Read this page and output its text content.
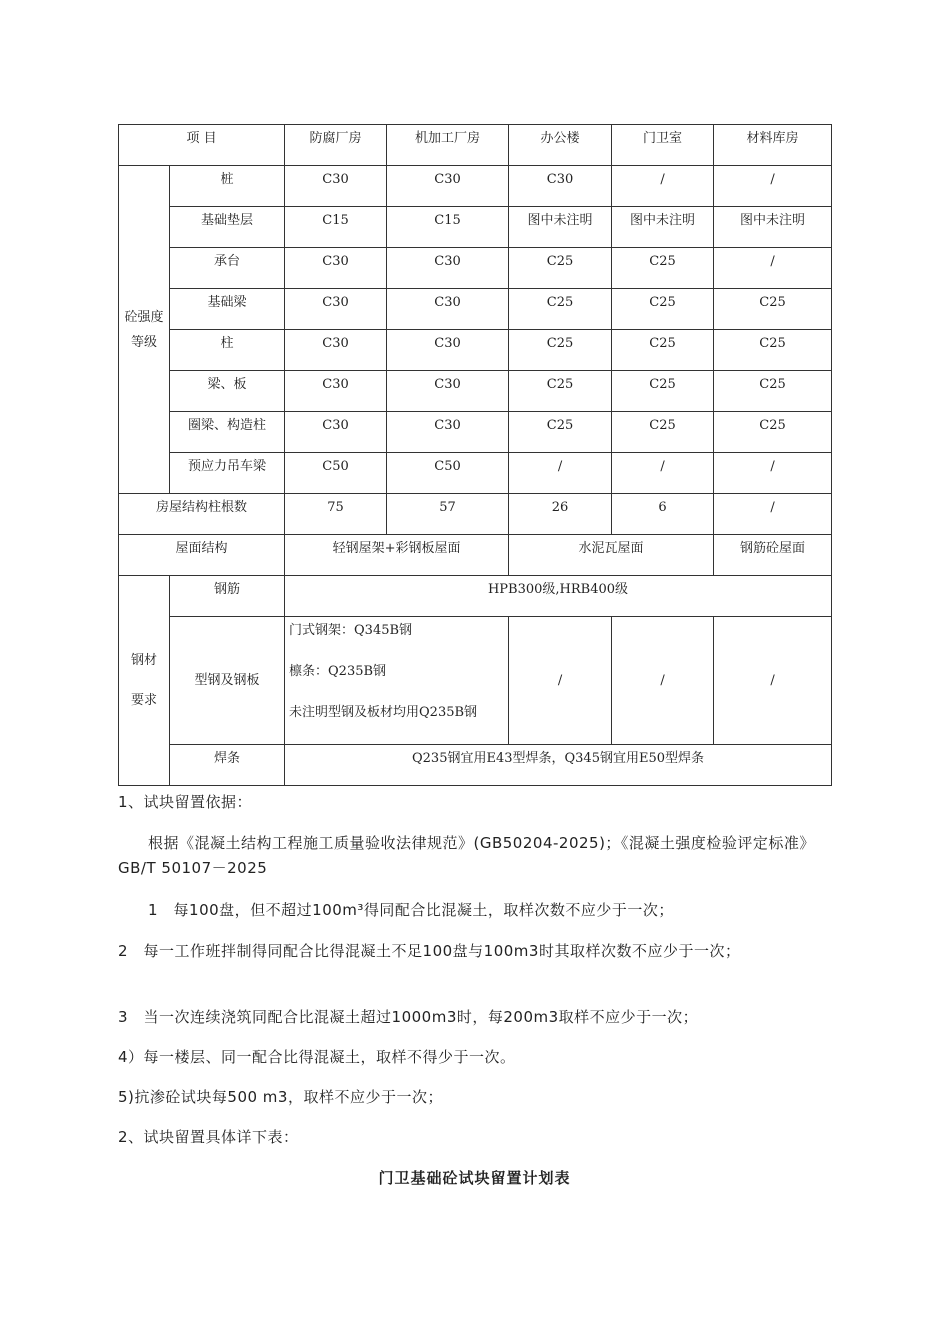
项 目		防腐厂房	机加工厂房	办公楼	门卫室	材料库房

砼强度
等级	桩	C30	C30	C30	/	/
	基础垫层	C15	C15	图中未注明	图中未注明	图中未注明
	承台	C30	C30	C25	C25	/
	基础梁	C30	C30	C25	C25	C25
	柱	C30	C30	C25	C25	C25
	梁、板	C30	C30	C25	C25	C25
	圈梁、构造柱	C30	C30	C25	C25	C25
	预应力吊车梁	C50	C50	/	/	/
房屋结构柱根数		75	57	26	6	/
屋面结构		轻钢屋架+彩钢板屋面		水泥瓦屋面		钢筋砼屋面

钢材
要求	钢筋	HPB300级,HRB400级				
	型钢及钢板	门式钢架：Q345B钢
檩条：Q235B钢
未注明型钢及板材均用Q235B钢		/	/	/
	焊条	Q235钢宜用E43型焊条，Q345钢宜用E50型焊条				
1、试块留置依据：
根据《混凝土结构工程施工质量验收法律规范》(GB50204-2025)；《混凝土强度检验评定标准》GB/T 50107－2025
1　每100盘，但不超过100m³得同配合比混凝土，取样次数不应少于一次；
2　每一工作班拌制得同配合比得混凝土不足100盘与100m3时其取样次数不应少于一次；
3　当一次连续浇筑同配合比混凝土超过1000m3时，每200m3取样不应少于一次；
4）每一楼层、同一配合比得混凝土，取样不得少于一次。
5)抗渗砼试块每500 m3，取样不应少于一次；
2、试块留置具体详下表：
门卫基础砼试块留置计划表
